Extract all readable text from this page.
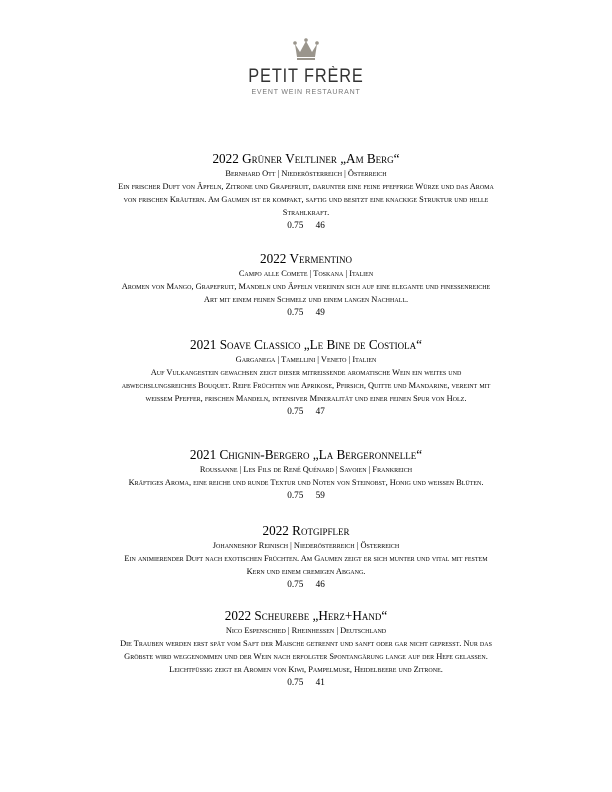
PETIT FRÈRE
EVENT WEIN RESTAURANT

2022 Grüner Veltliner „Am Berg“

Bernhard Ott | Niederösterreich | Österreich

Ein frischer Duft von Äpfeln, Zitrone und Grapefruit, darunter eine feine pfeffrige Würze und das Aroma von frischen Kräutern. Am Gaumen ist er kompakt, saftig und besitzt eine knackige Struktur und helle Strahlkraft.

0.75 46

2022 Vermentino

Campo alle Comete | Toskana | Italien

Aromen von Mango, Grapefruit, Mandeln und Äpfeln vereinen sich auf eine elegante und finessenreiche Art mit einem feinen Schmelz und einem langen Nachhall.

0.75 49

2021 Soave Classico „Le Bine de Costiola“

Garganega | Tamellini | Veneto | Italien

Auf Vulkangestein gewachsen zeigt dieser mitreißende aromatische Wein ein weites und abwechslungsreiches Bouquet. Reife Früchten wie Aprikose, Pfirsich, Quitte und Mandarine, vereint mit weißem Pfeffer, frischen Mandeln, intensiver Mineralität und einer feinen Spur von Holz.

0.75 47

2021 Chignin-Bergero „La Bergeronnelle“

Roussanne | Les Fils de René Quénard | Savoien | Frankreich

Kräftiges Aroma, eine reiche und runde Textur und Noten von Steinobst, Honig und weißen Blüten.

0.75 59

2022 Rotgipfler

Johanneshof Reinisch | Niederösterreich | Österreich

Ein animierender Duft nach exotischen Früchten. Am Gaumen zeigt er sich munter und vital mit festem Kern und einem cremigen Abgang.

0.75 46

2022 Scheurebe „Herz+Hand“

Nico Espenschied | Rheinhessen | Deutschland

Die Trauben werden erst spät vom Saft der Maische getrennt und sanft oder gar nicht gepresst. Nur das Gröbste wird weggenommen und der Wein nach erfolgter Spontangärung lange auf der Hefe gelassen. Leichtfüßig zeigt er Aromen von Kiwi, Pampelmuse, Heidelbeere und Zitrone.

0.75 41
